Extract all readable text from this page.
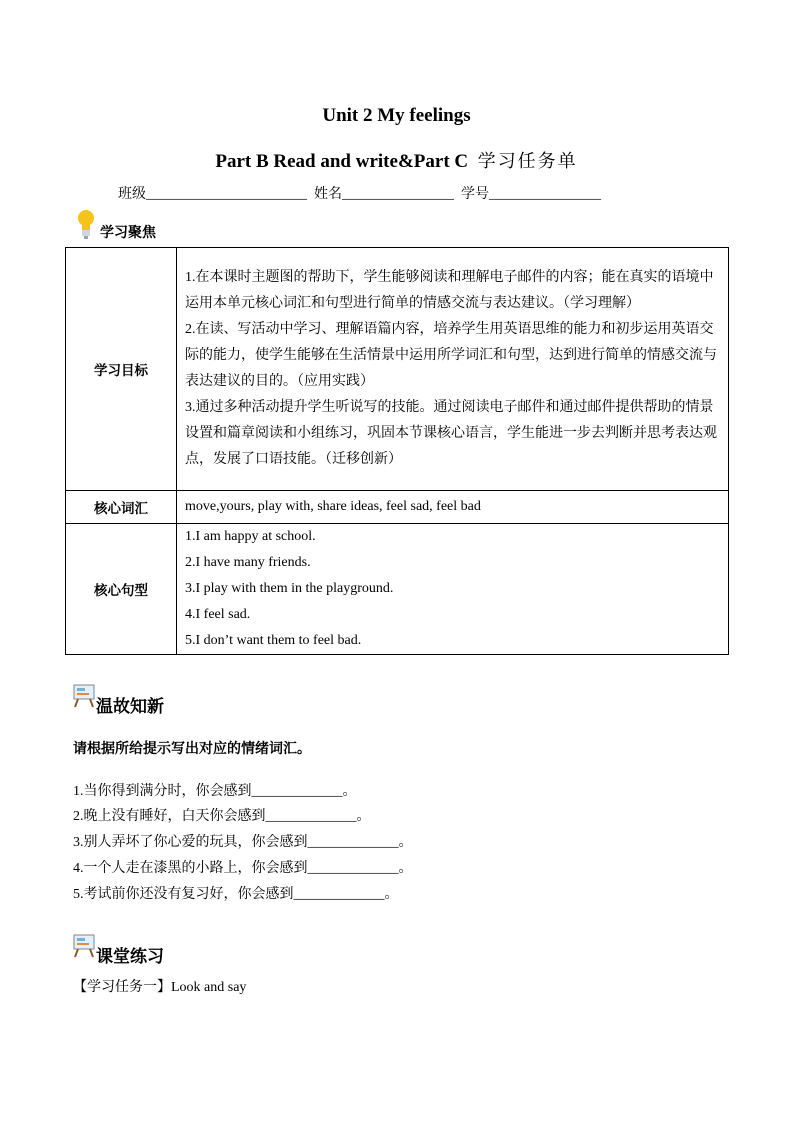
Unit 2 My feelings
Part B Read and write&Part C 学习任务单
班级_______________________  姓名________________  学号________________
学习聚焦
学习目标	1.在本课时主题图的帮助下，学生能够阅读和理解电子邮件的内容；能在真实的语境中运用本单元核心词汇和句型进行简单的情感交流与表达建议。（学习理解）

2.在读、写活动中学习、理解语篇内容，培养学生用英语思维的能力和初步运用英语交际的能力，使学生能够在生活情景中运用所学词汇和句型，达到进行简单的情感交流与表达建议的目的。（应用实践）

3.通过多种活动提升学生听说写的技能。通过阅读电子邮件和通过邮件提供帮助的情景设置和篇章阅读和小组练习，巩固本节课核心语言，学生能进一步去判断并思考表达观点，发展了口语技能。（迁移创新）

核心词汇	move,yours, play with, share ideas, feel sad, feel bad
核心句型	1.I am happy at school.

2.I have many friends.

3.I play with them in the playground.

4.I feel sad.

5.I don’t want them to feel bad.

温故知新
请根据所给提示写出对应的情绪词汇。
1.当你得到满分时，你会感到_____________。
2.晚上没有睡好，白天你会感到_____________。
3.别人弄坏了你心爱的玩具，你会感到_____________。
4.一个人走在漆黑的小路上，你会感到_____________。
5.考试前你还没有复习好，你会感到_____________。
课堂练习
【学习任务一】Look and say
